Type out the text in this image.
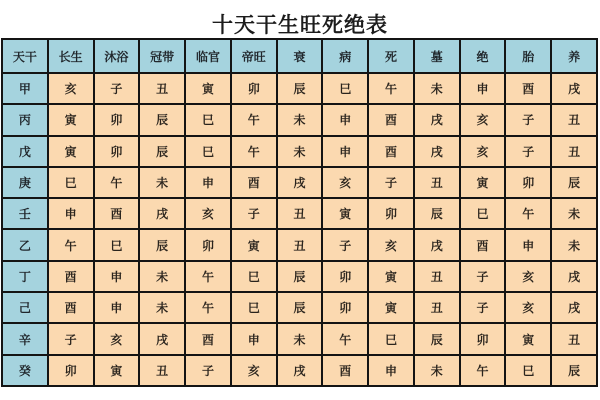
十天干生旺死绝表
天干	长生	沐浴	冠带	临官	帝旺	衰	病	死	墓	绝	胎	养
甲	亥	子	丑	寅	卯	辰	巳	午	未	申	酉	戌
丙	寅	卯	辰	巳	午	未	申	酉	戌	亥	子	丑
戊	寅	卯	辰	巳	午	未	申	酉	戌	亥	子	丑
庚	巳	午	未	申	酉	戌	亥	子	丑	寅	卯	辰
壬	申	酉	戌	亥	子	丑	寅	卯	辰	巳	午	未
乙	午	巳	辰	卯	寅	丑	子	亥	戌	酉	申	未
丁	酉	申	未	午	巳	辰	卯	寅	丑	子	亥	戌
己	酉	申	未	午	巳	辰	卯	寅	丑	子	亥	戌
辛	子	亥	戌	酉	申	未	午	巳	辰	卯	寅	丑
癸	卯	寅	丑	子	亥	戌	酉	申	未	午	巳	辰
